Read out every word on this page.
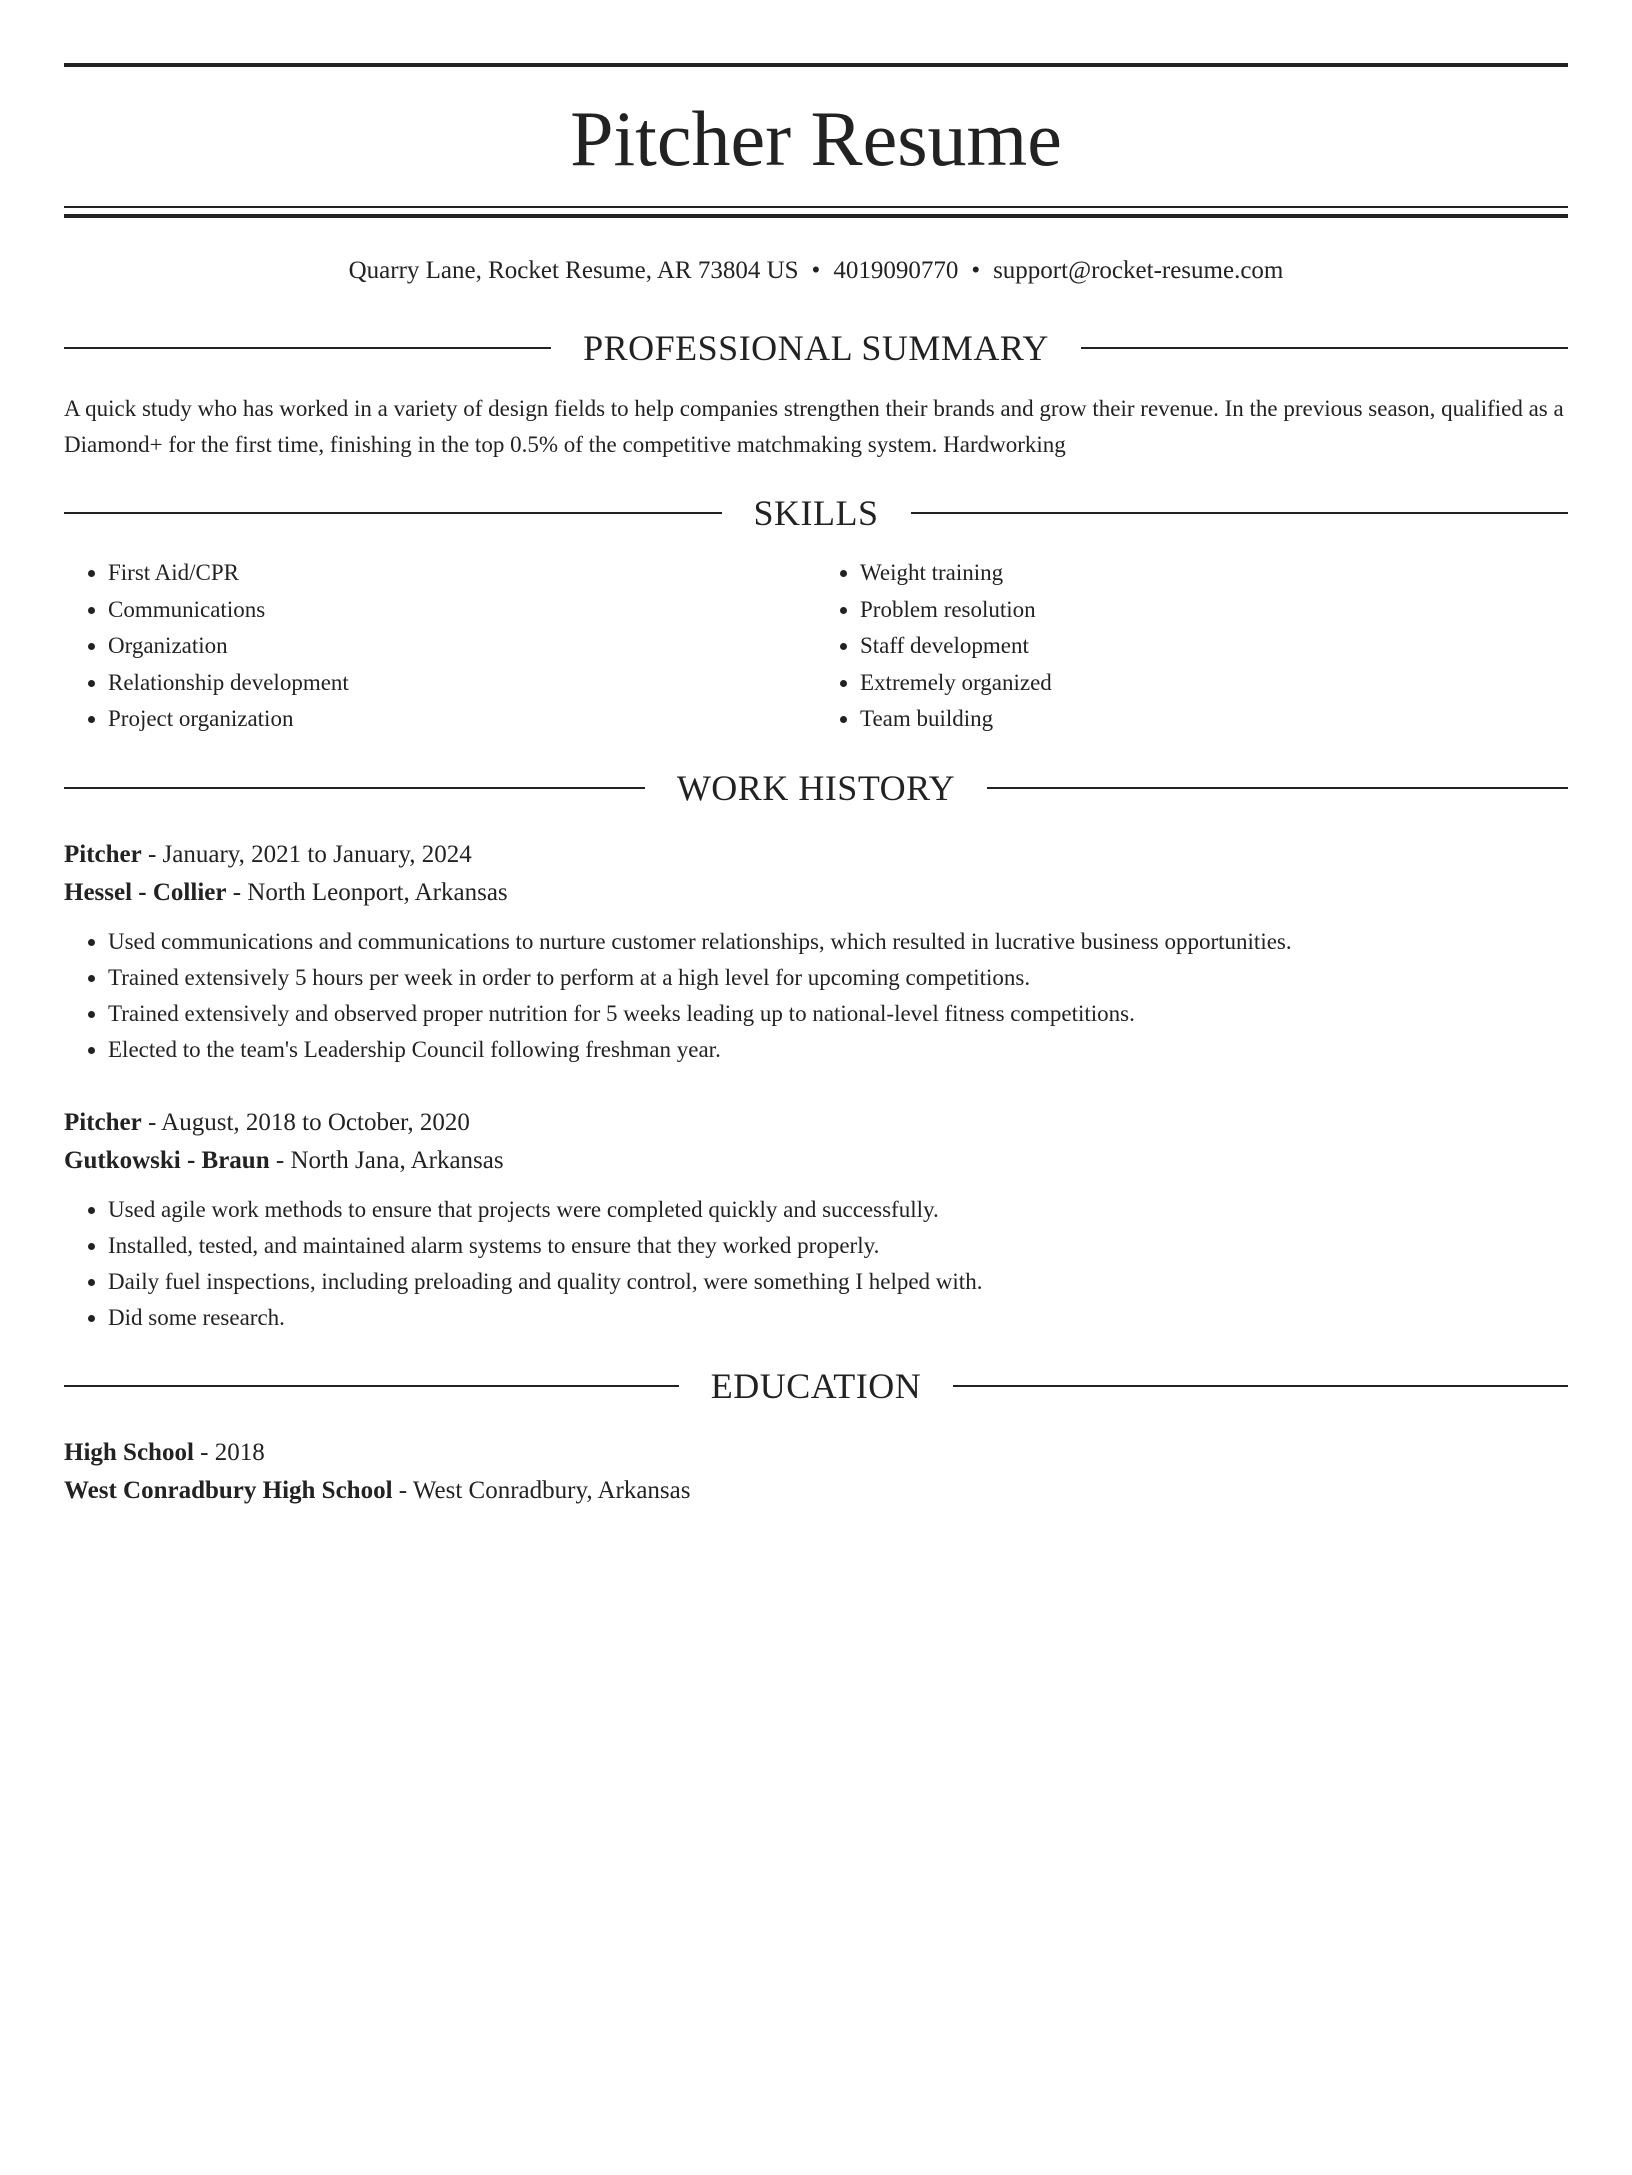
Pitcher Resume
Quarry Lane, Rocket Resume, AR 73804 US • 4019090770 • support@rocket-resume.com
PROFESSIONAL SUMMARY
A quick study who has worked in a variety of design fields to help companies strengthen their brands and grow their revenue. In the previous season, qualified as a Diamond+ for the first time, finishing in the top 0.5% of the competitive matchmaking system. Hardworking
SKILLS
• First Aid/CPR
• Communications
• Organization
• Relationship development
• Project organization
• Weight training
• Problem resolution
• Staff development
• Extremely organized
• Team building
WORK HISTORY
Pitcher - January, 2021 to January, 2024
Hessel - Collier - North Leonport, Arkansas
• Used communications and communications to nurture customer relationships, which resulted in lucrative business opportunities.
• Trained extensively 5 hours per week in order to perform at a high level for upcoming competitions.
• Trained extensively and observed proper nutrition for 5 weeks leading up to national-level fitness competitions.
• Elected to the team's Leadership Council following freshman year.
Pitcher - August, 2018 to October, 2020
Gutkowski - Braun - North Jana, Arkansas
• Used agile work methods to ensure that projects were completed quickly and successfully.
• Installed, tested, and maintained alarm systems to ensure that they worked properly.
• Daily fuel inspections, including preloading and quality control, were something I helped with.
• Did some research.
EDUCATION
High School - 2018
West Conradbury High School - West Conradbury, Arkansas
